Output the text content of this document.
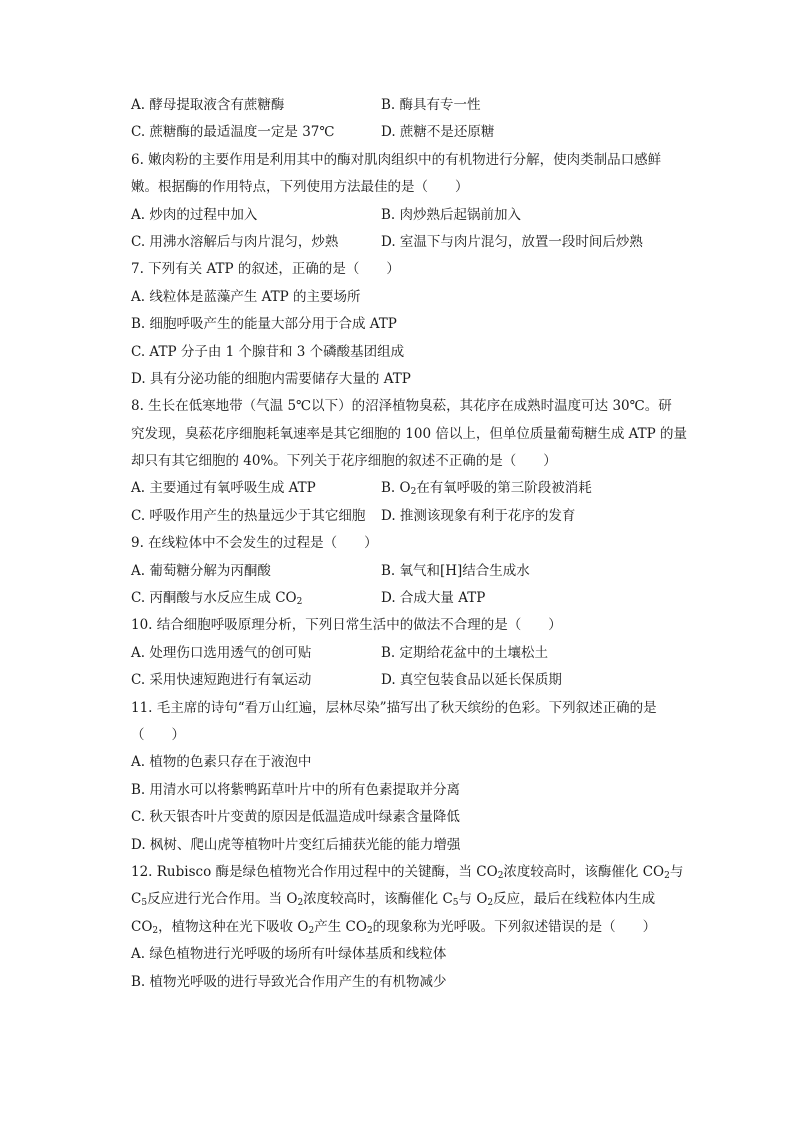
A. 酵母提取液含有蔗糖酶	B. 酶具有专一性
C. 蔗糖酶的最适温度一定是 37℃	D. 蔗糖不是还原糖
6. 嫩肉粉的主要作用是利用其中的酶对肌肉组织中的有机物进行分解，使肉类制品口感鲜
嫩。根据酶的作用特点，下列使用方法最佳的是（　　）
A. 炒肉的过程中加入	B. 肉炒熟后起锅前加入
C. 用沸水溶解后与肉片混匀，炒熟	D. 室温下与肉片混匀，放置一段时间后炒熟
7. 下列有关 ATP 的叙述，正确的是（　　）
A. 线粒体是蓝藻产生 ATP 的主要场所
B. 细胞呼吸产生的能量大部分用于合成 ATP
C. ATP 分子由 1 个腺苷和 3 个磷酸基团组成
D. 具有分泌功能的细胞内需要储存大量的 ATP
8. 生长在低寒地带（气温 5℃以下）的沼泽植物臭菘，其花序在成熟时温度可达 30℃。研
究发现，臭菘花序细胞耗氧速率是其它细胞的 100 倍以上，但单位质量葡萄糖生成 ATP 的量
却只有其它细胞的 40%。下列关于花序细胞的叙述不正确的是（　　）
A. 主要通过有氧呼吸生成 ATP	B. $O_2$在有氧呼吸的第三阶段被消耗
C. 呼吸作用产生的热量远少于其它细胞 D. 推测该现象有利于花序的发育
9. 在线粒体中不会发生的过程是（　　）
A. 葡萄糖分解为丙酮酸	B. 氧气和[H]结合生成水
C. 丙酮酸与水反应生成 $CO_2$	D. 合成大量 ATP
10. 结合细胞呼吸原理分析，下列日常生活中的做法不合理的是（　　）
A. 处理伤口选用透气的创可贴	B. 定期给花盆中的土壤松土
C. 采用快速短跑进行有氧运动	D. 真空包装食品以延长保质期
11. 毛主席的诗句“看万山红遍，层林尽染”描写出了秋天缤纷的色彩。下列叙述正确的是
（　　）
A. 植物的色素只存在于液泡中
B. 用清水可以将紫鸭跖草叶片中的所有色素提取并分离
C. 秋天银杏叶片变黄的原因是低温造成叶绿素含量降低
D. 枫树、爬山虎等植物叶片变红后捕获光能的能力增强
12. Rubisco 酶是绿色植物光合作用过程中的关键酶，当 $CO_2$浓度较高时，该酶催化 $CO_2$与
$C_5$反应进行光合作用。当 $O_2$浓度较高时，该酶催化 $C_5$与 $O_2$反应，最后在线粒体内生成
$CO_2$，植物这种在光下吸收 $O_2$产生 $CO_2$的现象称为光呼吸。下列叙述错误的是（　　）
A. 绿色植物进行光呼吸的场所有叶绿体基质和线粒体
B. 植物光呼吸的进行导致光合作用产生的有机物减少
